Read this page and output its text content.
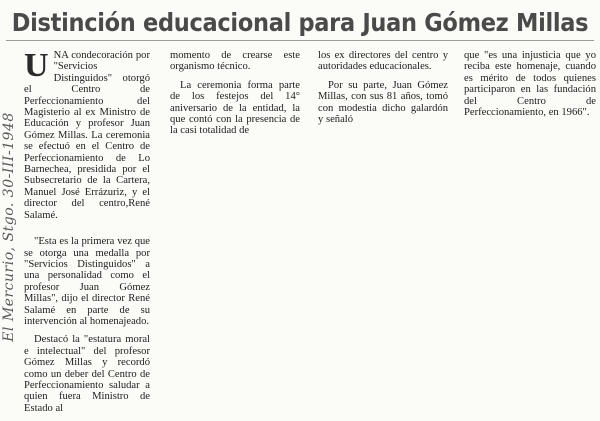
Distinción educacional para Juan Gómez Millas

UNA condecoración por "Servicios Distinguidos" otorgó el Centro de Perfeccionamiento del Magisterio al ex Ministro de Educación y profesor Juan Gómez Millas. La ceremonia se efectuó en el Centro de Perfeccionamiento de Lo Barnechea, presidida por el Subsecretario de la Cartera, Manuel José Errázuriz, y el director del centro,René Salamé.

"Esta es la primera vez que se otorga una medalla por "Servicios Distinguidos" a una personalidad como el profesor Juan Gómez Millas", dijo el director René Salamé en parte de su intervención al homenajeado.

Destacó la "estatura moral e intelectual" del profesor Gómez Millas y recordó como un deber del Centro de Perfeccionamiento saludar a quien fuera Ministro de Estado al

momento de crearse este organismo técnico.

La ceremonia forma parte de los festejos del 14° aniversario de la entidad, la que contó con la presencia de la casi totalidad de

los ex directores del centro y autoridades educacionales.

Por su parte, Juan Gómez Millas, con sus 81 años, tomó con modestia dicho galardón y señaló

que "es una injusticia que yo reciba este homenaje, cuando es mérito de todos quienes participaron en las fundación del Centro de Perfeccionamiento, en 1966".

El Mercurio, Stgo. 30-III-1948
